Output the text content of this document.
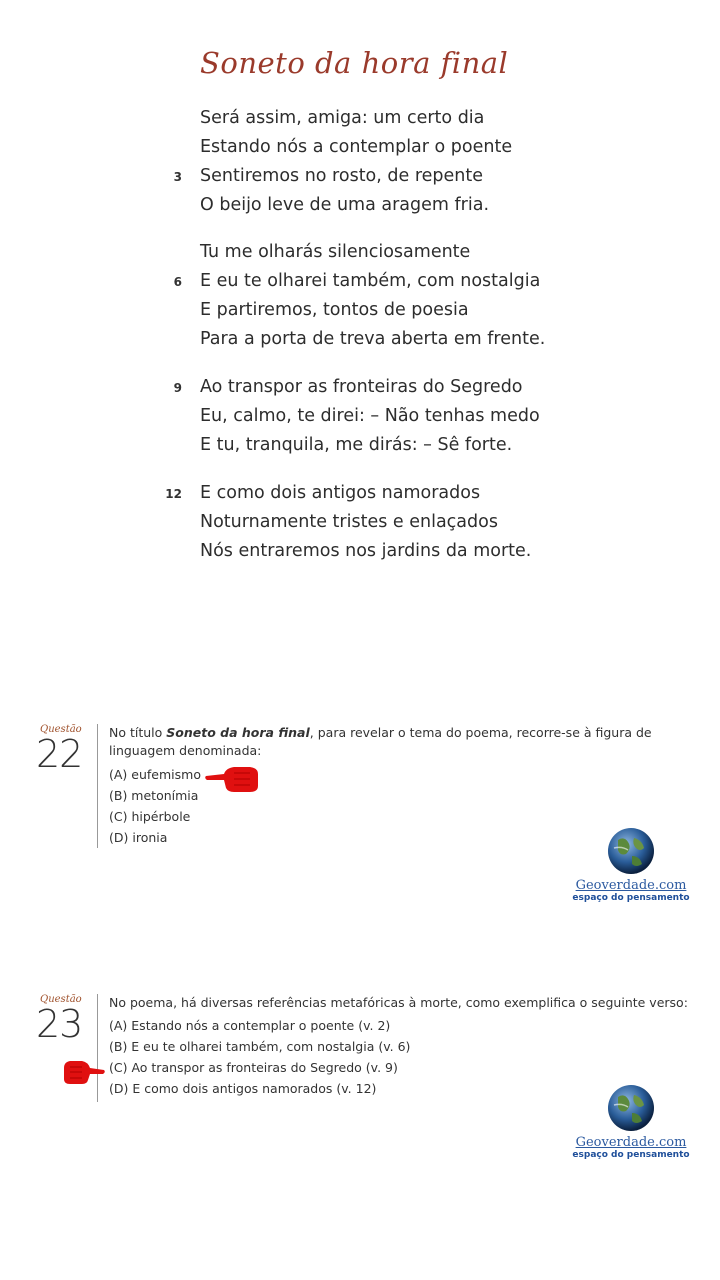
Soneto da hora final
Será assim, amiga: um certo dia
Estando nós a contemplar o poente
3 Sentiremos no rosto, de repente
O beijo leve de uma aragem fria.
Tu me olharás silenciosamente
6 E eu te olharei também, com nostalgia
E partiremos, tontos de poesia
Para a porta de treva aberta em frente.
9 Ao transpor as fronteiras do Segredo
Eu, calmo, te direi: – Não tenhas medo
E tu, tranquila, me dirás: – Sê forte.
12 E como dois antigos namorados
Noturnamente tristes e enlaçados
Nós entraremos nos jardins da morte.
Questão
22 No título Soneto da hora final, para revelar o tema do poema, recorre-se à figura de linguagem denominada:
(A) eufemismo
(B) metonímia
(C) hipérbole
(D) ironia
Geoverdade.com
espaço do pensamento
Questão
23 No poema, há diversas referências metafóricas à morte, como exemplifica o seguinte verso:
(A) Estando nós a contemplar o poente (v. 2)
(B) E eu te olharei também, com nostalgia (v. 6)
(C) Ao transpor as fronteiras do Segredo (v. 9)
(D) E como dois antigos namorados (v. 12)
Geoverdade.com
espaço do pensamento
